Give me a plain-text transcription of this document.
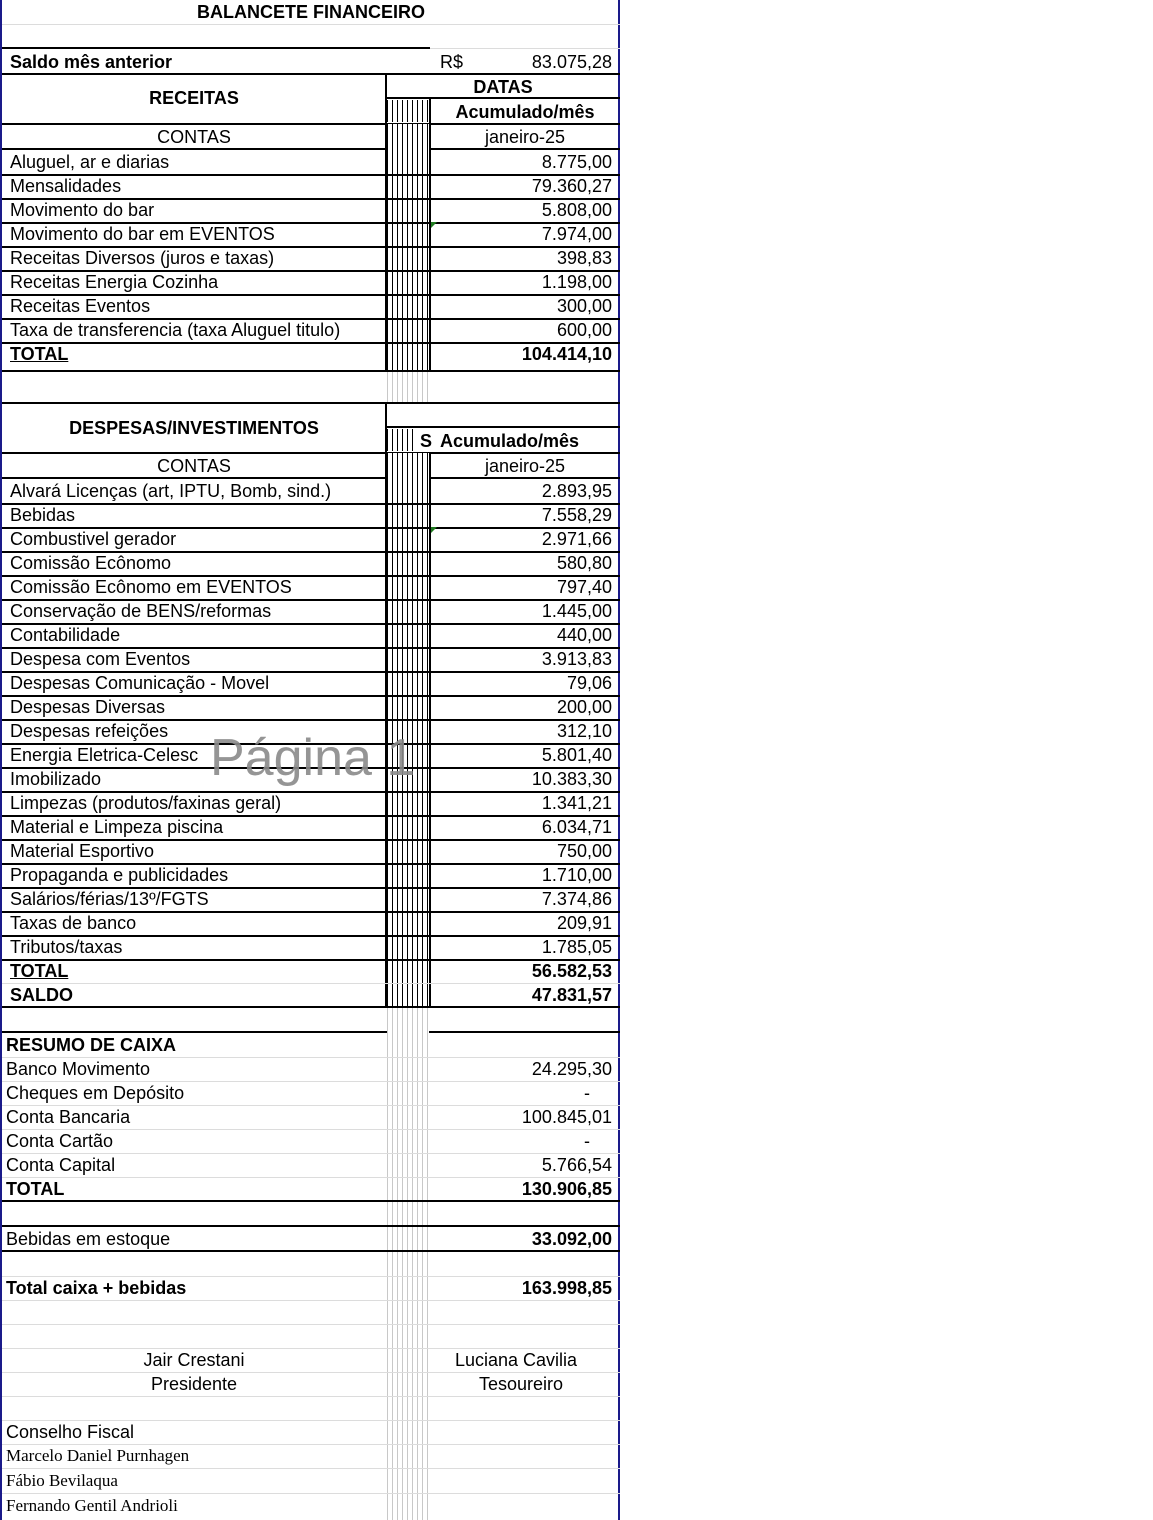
BALANCETE FINANCEIRO
Saldo mês anterior	R$	83.075,28
RECEITAS
DATAS
Acumulado/mês
CONTAS	janeiro-25
Aluguel, ar e diarias	8.775,00
Mensalidades	79.360,27
Movimento do bar	5.808,00
Movimento do bar em EVENTOS	7.974,00
Receitas Diversos (juros e taxas)	398,83
Receitas Energia Cozinha	1.198,00
Receitas Eventos	300,00
Taxa de transferencia (taxa Aluguel titulo)	600,00
TOTAL	104.414,10
DESPESAS/INVESTIMENTOS
S Acumulado/mês
CONTAS	janeiro-25
Alvará Licenças (art, IPTU, Bomb, sind.)	2.893,95
Bebidas	7.558,29
Combustivel gerador	2.971,66
Comissão Ecônomo	580,80
Comissão Ecônomo em EVENTOS	797,40
Conservação de BENS/reformas	1.445,00
Contabilidade	440,00
Despesa com Eventos	3.913,83
Despesas Comunicação - Movel	79,06
Despesas Diversas	200,00
Despesas refeições	312,10
Energia Eletrica-Celesc	5.801,40
Imobilizado	10.383,30
Limpezas (produtos/faxinas geral)	1.341,21
Material e Limpeza piscina	6.034,71
Material Esportivo	750,00
Propaganda e publicidades	1.710,00
Salários/férias/13º/FGTS	7.374,86
Taxas de banco	209,91
Tributos/taxas	1.785,05
TOTAL	56.582,53
SALDO	47.831,57
RESUMO DE CAIXA
Banco Movimento	24.295,30
Cheques em Depósito	-
Conta Bancaria	100.845,01
Conta Cartão	-
Conta Capital	5.766,54
TOTAL	130.906,85
Bebidas em estoque	33.092,00
Total caixa + bebidas	163.998,85
Jair Crestani	Luciana Cavilia
Presidente	Tesoureiro
Conselho Fiscal
Marcelo Daniel Purnhagen
Fábio Bevilaqua
Fernando Gentil Andrioli
Página 1
